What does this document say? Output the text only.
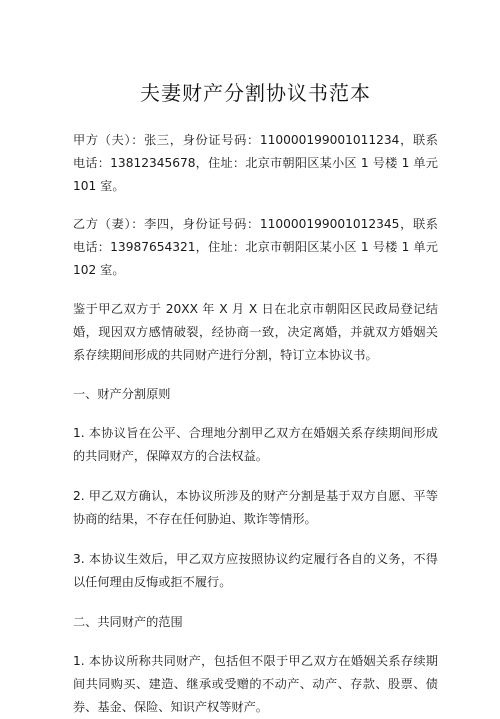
夫妻财产分割协议书范本

甲方（夫）：张三，身份证号码：110000199001011234，联系电话：13812345678，住址：北京市朝阳区某小区 1 号楼 1 单元 101 室。

乙方（妻）：李四，身份证号码：110000199001012345，联系电话：13987654321，住址：北京市朝阳区某小区 1 号楼 1 单元 102 室。

鉴于甲乙双方于 20XX 年 X 月 X 日在北京市朝阳区民政局登记结婚，现因双方感情破裂，经协商一致，决定离婚，并就双方婚姻关系存续期间形成的共同财产进行分割，特订立本协议书。

一、财产分割原则

1. 本协议旨在公平、合理地分割甲乙双方在婚姻关系存续期间形成的共同财产，保障双方的合法权益。

2. 甲乙双方确认，本协议所涉及的财产分割是基于双方自愿、平等协商的结果，不存在任何胁迫、欺诈等情形。

3. 本协议生效后，甲乙双方应按照协议约定履行各自的义务，不得以任何理由反悔或拒不履行。

二、共同财产的范围

1. 本协议所称共同财产，包括但不限于甲乙双方在婚姻关系存续期间共同购买、建造、继承或受赠的不动产、动产、存款、股票、债券、基金、保险、知识产权等财产。
